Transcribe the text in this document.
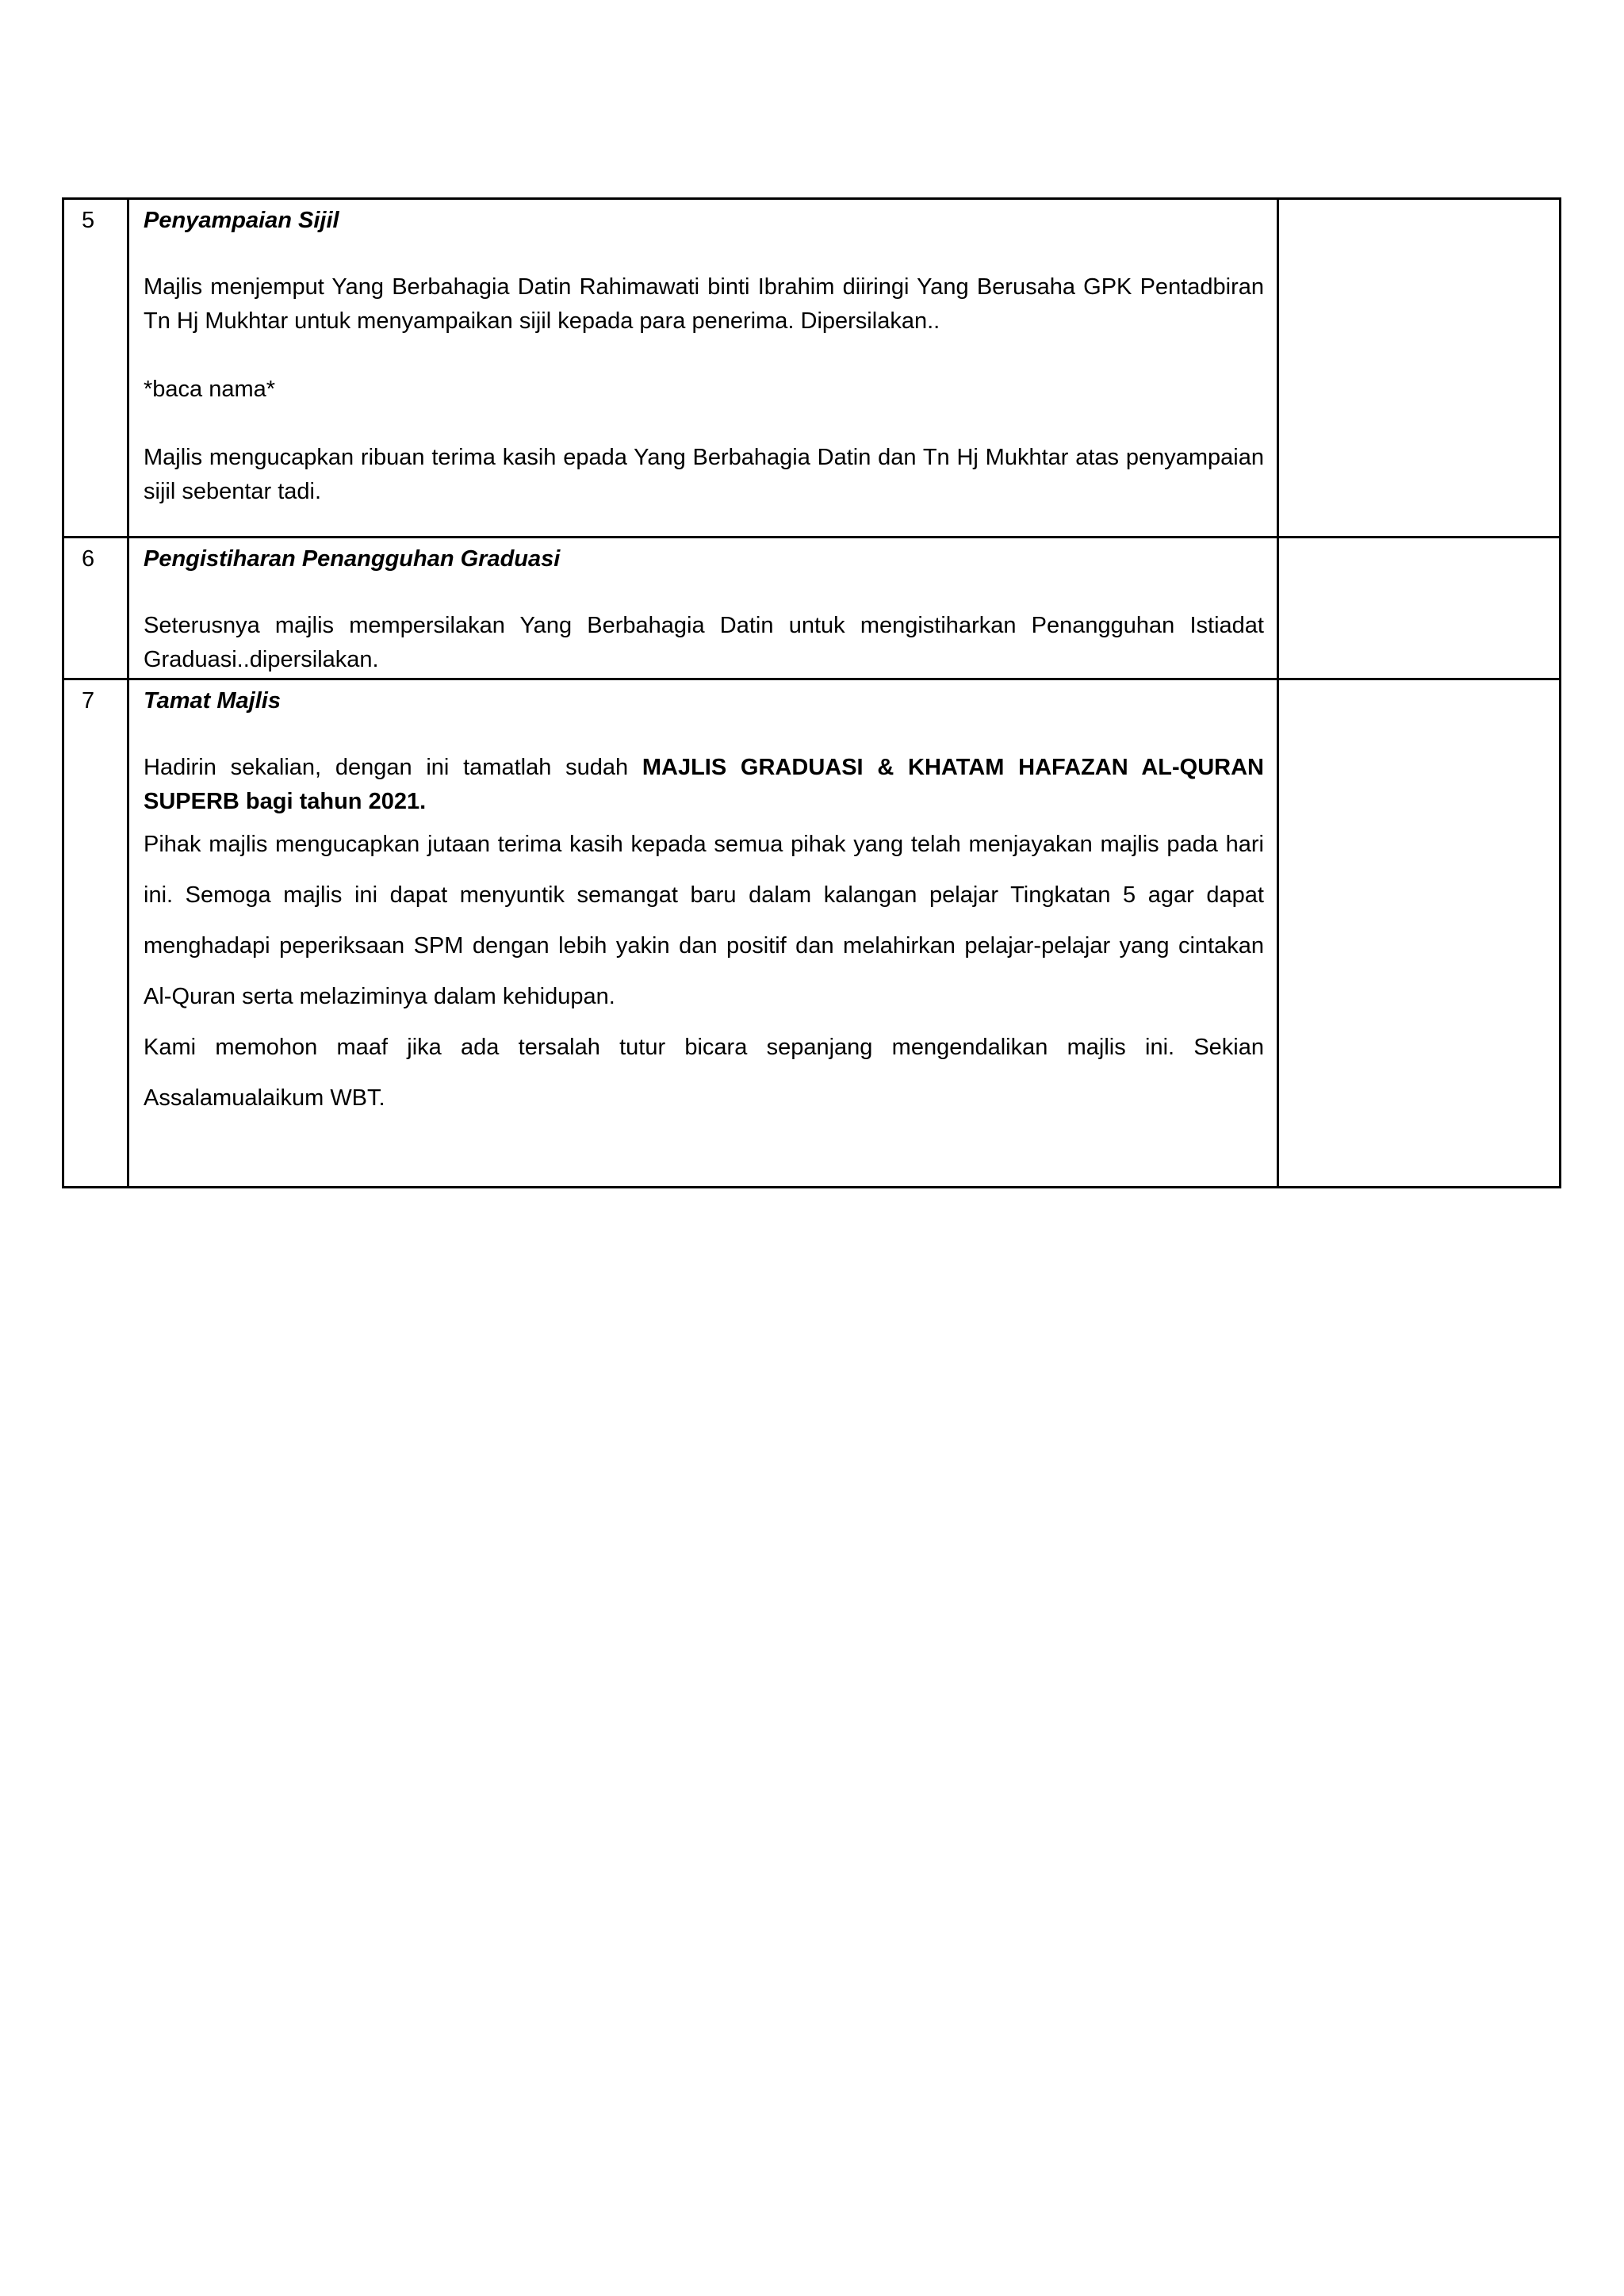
5	Penyampaian Sijil

Majlis menjemput Yang Berbahagia Datin Rahimawati binti Ibrahim diiringi Yang Berusaha GPK Pentadbiran Tn Hj Mukhtar untuk menyampaikan sijil kepada para penerima. Dipersilakan..

*baca nama*

Majlis mengucapkan ribuan terima kasih epada Yang Berbahagia Datin dan Tn Hj Mukhtar atas penyampaian sijil sebentar tadi.	

6	Pengistiharan Penangguhan Graduasi

Seterusnya majlis mempersilakan Yang Berbahagia Datin untuk mengistiharkan Penangguhan Istiadat Graduasi..dipersilakan.	

7	Tamat Majlis

Hadirin sekalian, dengan ini tamatlah sudah MAJLIS GRADUASI & KHATAM HAFAZAN AL-QURAN SUPERB bagi tahun 2021.

Pihak majlis mengucapkan jutaan terima kasih kepada semua pihak yang telah menjayakan majlis pada hari ini. Semoga majlis ini dapat menyuntik semangat baru dalam kalangan pelajar Tingkatan 5 agar dapat menghadapi peperiksaan SPM dengan lebih yakin dan positif dan melahirkan pelajar-pelajar yang cintakan Al-Quran serta melaziminya dalam kehidupan.

Kami memohon maaf jika ada tersalah tutur bicara sepanjang mengendalikan majlis ini. Sekian Assalamualaikum WBT.	
